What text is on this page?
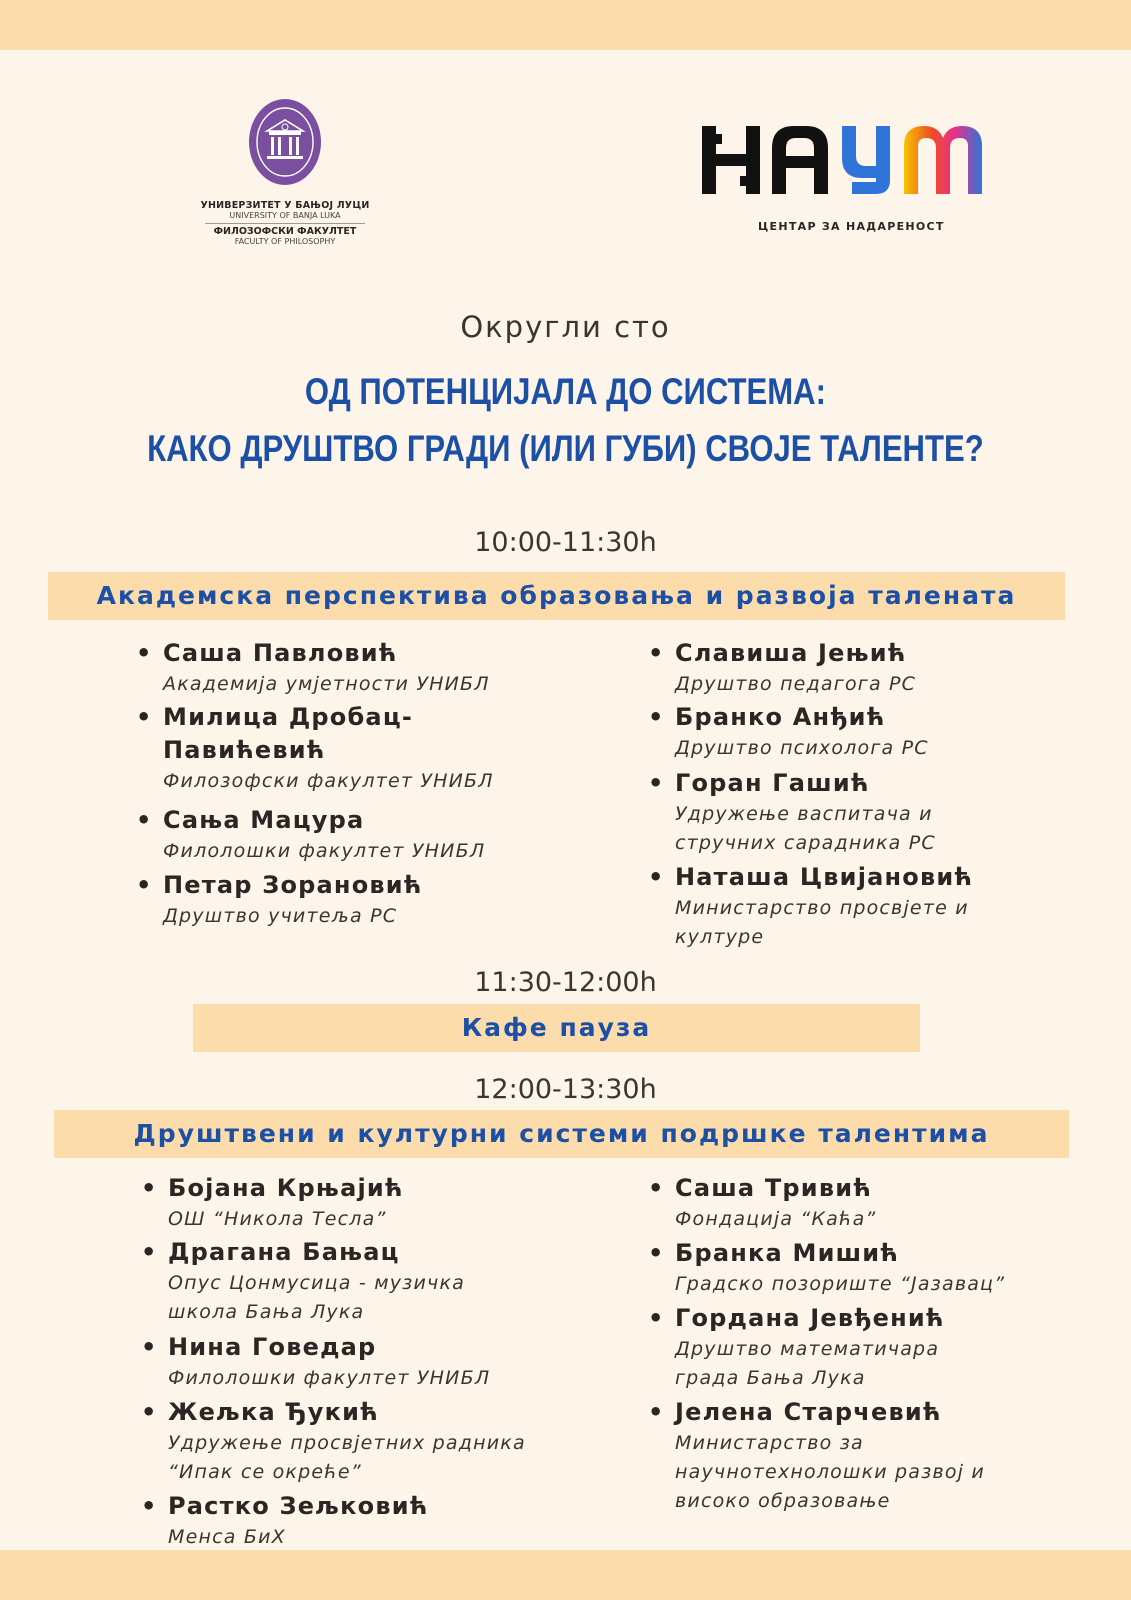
УНИВЕРЗИТЕТ У БАЊОЈ ЛУЦИ
UNIVERSITY OF BANJA LUKA
ФИЛОЗОФСКИ ФАКУЛТЕТ
FACULTY OF PHILOSOPHY
ЦЕНТАР ЗА НАДАРЕНОСТ
Округли сто
ОД ПОТЕНЦИЈАЛА ДО СИСТЕМА:
КАКО ДРУШТВО ГРАДИ (ИЛИ ГУБИ) СВОЈЕ ТАЛЕНТЕ?
10:00-11:30h
Академска перспектива образовања и развоја талената
• Саша Павловић
Академија умјетности УНИБЛ
• Милица Дробац-Павићевић
Филозофски факултет УНИБЛ
• Сања Мацура
Филолошки факултет УНИБЛ
• Петар Зорановић
Друштво учитеља РС
• Славиша Јењић
Друштво педагога РС
• Бранко Анђић
Друштво психолога РС
• Горан Гашић
Удружење васпитача и стручних сарадника РС
• Наташа Цвијановић
Министарство просвјете и културе
11:30-12:00h
Кафе пауза
12:00-13:30h
Друштвени и културни системи подршке талентима
• Бојана Крњајић
ОШ “Никола Тесла”
• Драгана Бањац
Опус Цонмусица - музичка школа Бања Лука
• Нина Говедар
Филолошки факултет УНИБЛ
• Жељка Ђукић
Удружење просвјетних радника “Ипак се окреће”
• Растко Зељковић
Менса БиХ
• Саша Тривић
Фондација “Каћа”
• Бранка Мишић
Градско позориште “Јазавац”
• Гордана Јевђенић
Друштво математичара града Бања Лука
• Јелена Старчевић
Министарство за научнотехнолошки развој и високо образовање
